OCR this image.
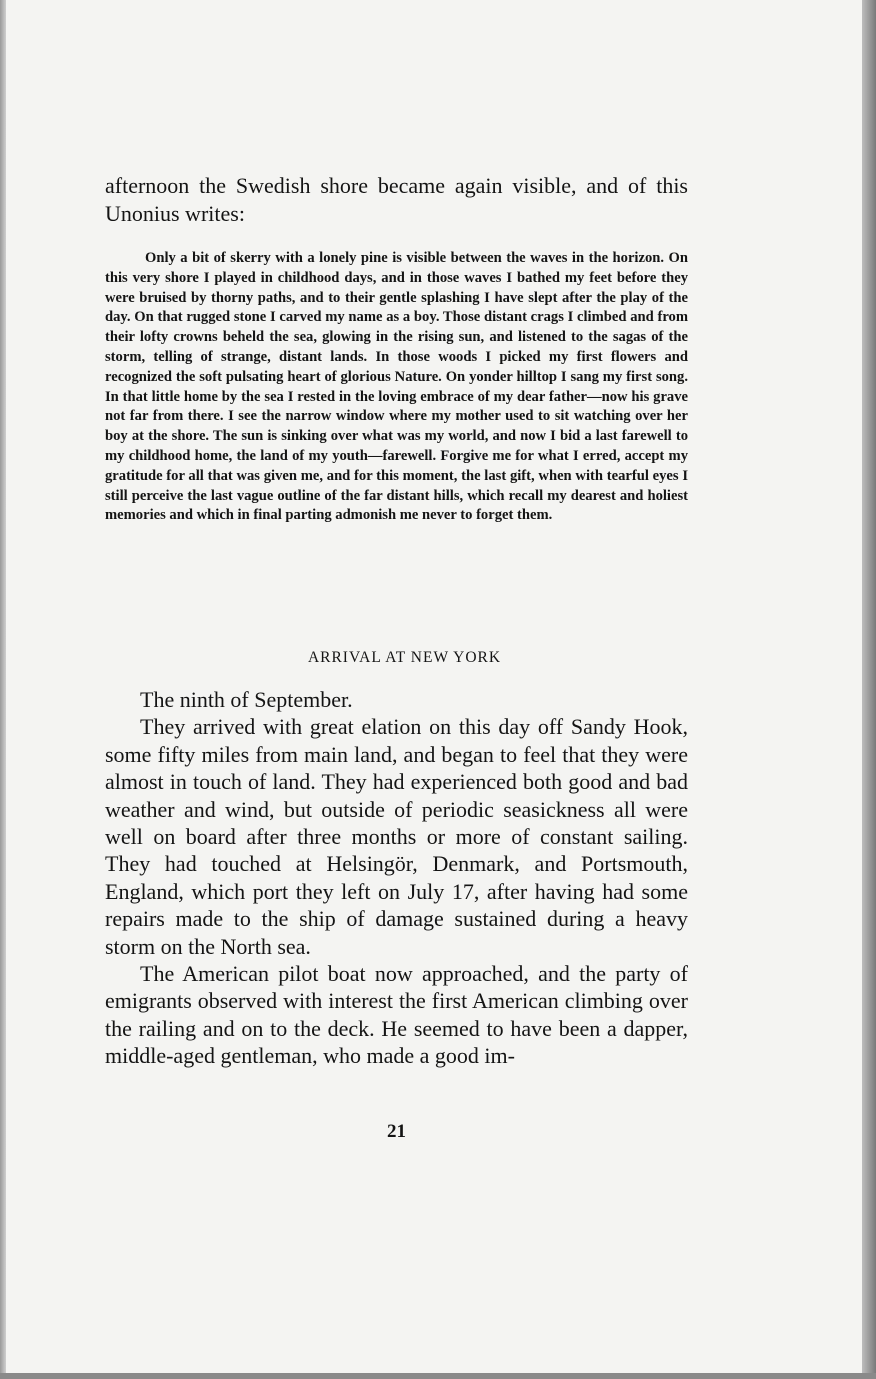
afternoon the Swedish shore became again visible, and of this Unonius writes:
Only a bit of skerry with a lonely pine is visible between the waves in the horizon. On this very shore I played in childhood days, and in those waves I bathed my feet before they were bruised by thorny paths, and to their gentle splashing I have slept after the play of the day. On that rugged stone I carved my name as a boy. Those distant crags I climbed and from their lofty crowns beheld the sea, glowing in the rising sun, and listened to the sagas of the storm, telling of strange, distant lands. In those woods I picked my first flowers and recognized the soft pulsating heart of glorious Nature. On yonder hilltop I sang my first song. In that little home by the sea I rested in the loving embrace of my dear father—now his grave not far from there. I see the narrow window where my mother used to sit watching over her boy at the shore. The sun is sinking over what was my world, and now I bid a last farewell to my childhood home, the land of my youth—farewell. Forgive me for what I erred, accept my gratitude for all that was given me, and for this moment, the last gift, when with tearful eyes I still perceive the last vague outline of the far distant hills, which recall my dearest and holiest memories and which in final parting admonish me never to forget them.
ARRIVAL AT NEW YORK

The ninth of September.

They arrived with great elation on this day off Sandy Hook, some fifty miles from main land, and began to feel that they were almost in touch of land. They had experienced both good and bad weather and wind, but outside of periodic seasickness all were well on board after three months or more of constant sailing. They had touched at Helsingör, Denmark, and Portsmouth, England, which port they left on July 17, after having had some repairs made to the ship of damage sustained during a heavy storm on the North sea.

The American pilot boat now approached, and the party of emigrants observed with interest the first American climbing over the railing and on to the deck. He seemed to have been a dapper, middle-aged gentleman, who made a good im-

21
